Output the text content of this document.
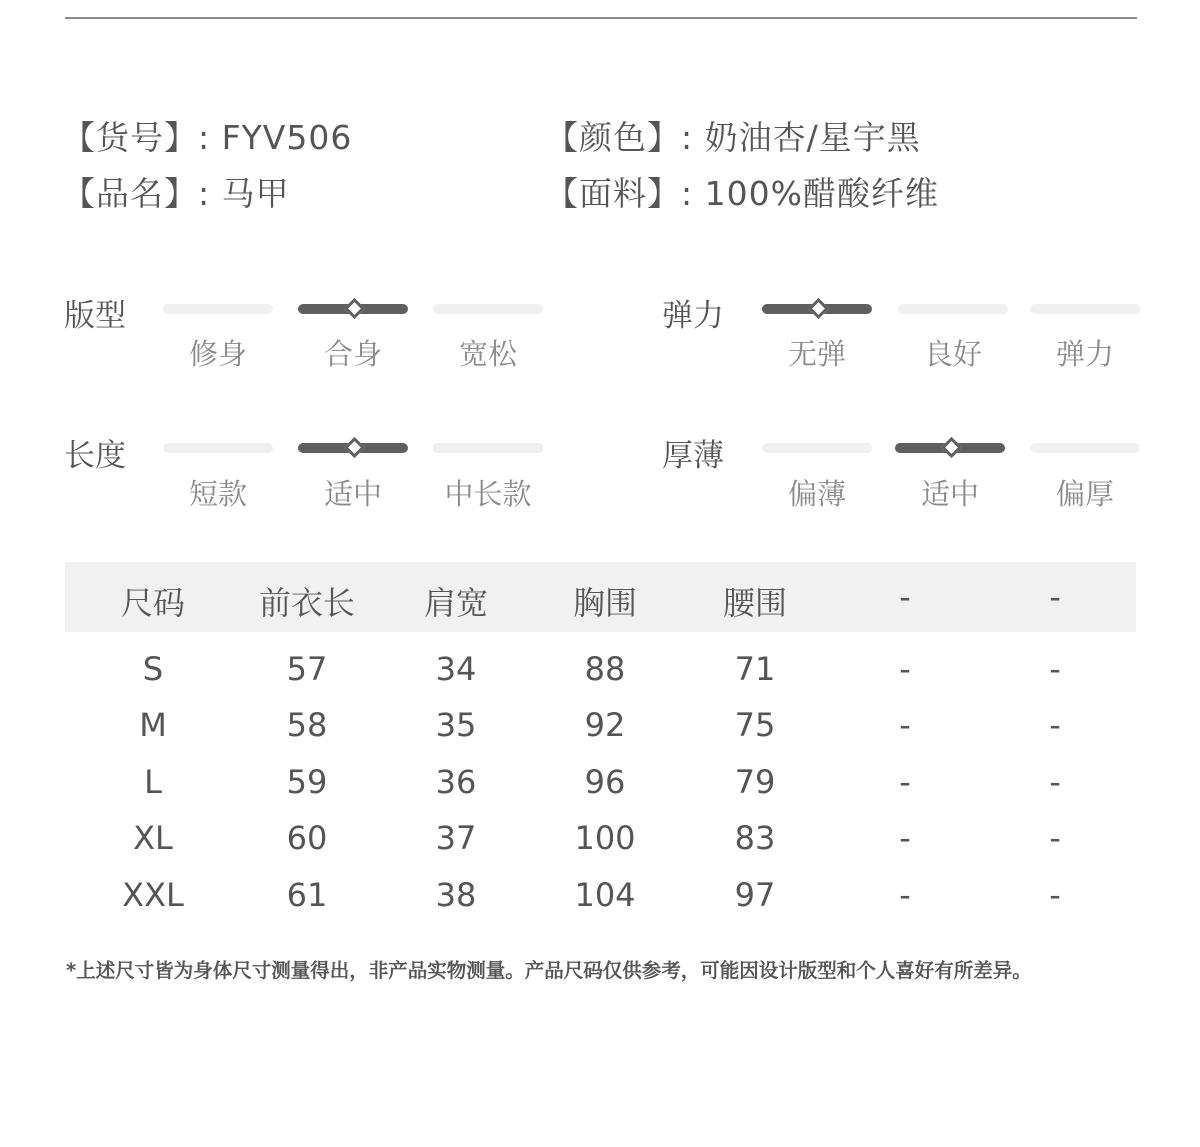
【货号】: FYV506
【品名】: 马甲
【颜色】: 奶油杏/星宇黑
【面料】: 100%醋酸纤维
版型
修身	合身	宽松
弹力
无弹	良好	弹力
长度
短款	适中	中长款
厚薄
偏薄	适中	偏厚
尺码	前衣长	肩宽	胸围	腰围	-	-
S	57	34	88	71	-	-
M	58	35	92	75	-	-
L	59	36	96	79	-	-
XL	60	37	100	83	-	-
XXL	61	38	104	97	-	-
*上述尺寸皆为身体尺寸测量得出，非产品实物测量。产品尺码仅供参考，可能因设计版型和个人喜好有所差异。
